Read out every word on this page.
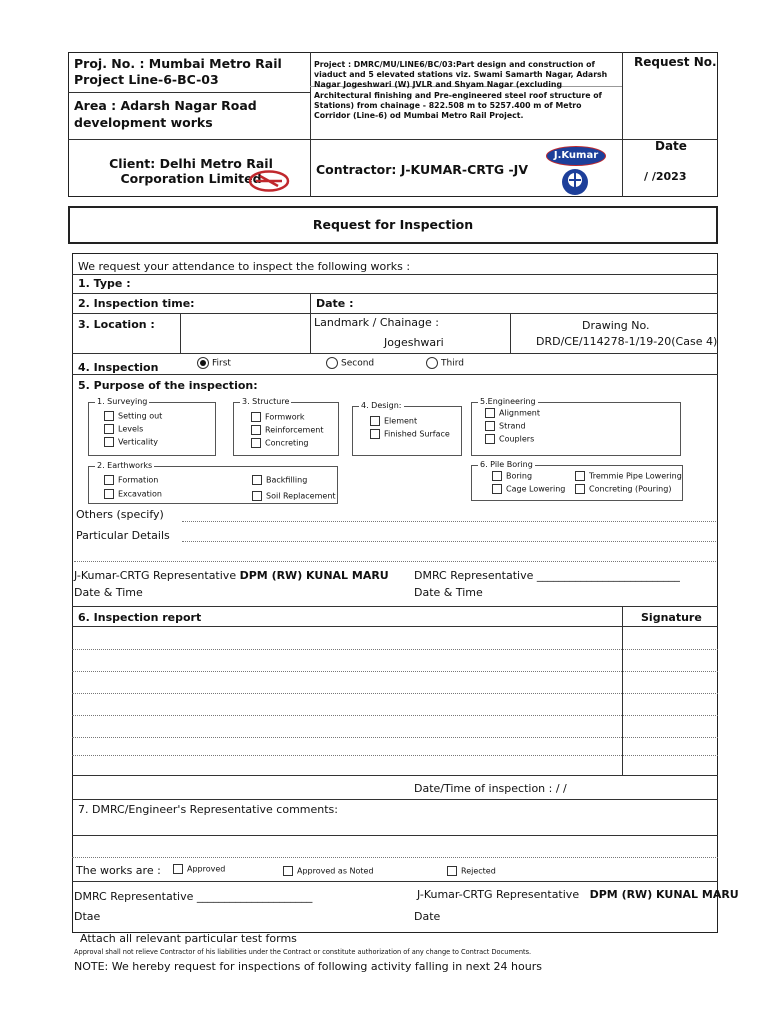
Proj. No. : Mumbai Metro Rail Project Line-6-BC-03
Area : Adarsh Nagar Road development works
Project : DMRC/MU/LINE6/BC/03:Part design and construction of viaduct and 5 elevated stations viz. Swami Samarth Nagar, Adarsh Nagar Jogeshwari (W) JVLR and Shyam Nagar (excluding Architectural finishing and Pre-engineered steel roof structure of Stations) from chainage - 822.508 m to 5257.400 m of Metro Corridor (Line-6) od Mumbai Metro Rail Project.
Request No.
Client: Delhi Metro Rail Corporation Limited
Contractor: J-KUMAR-CRTG -JV
J.Kumar
Date
/ /2023
Request for Inspection
We request your attendance to inspect the following works :
1. Type :
2. Inspection time:	Date :
3. Location :	Landmark / Chainage :
Jogeshwari
Drawing No.
DRD/CE/114278-1/19-20(Case 4)
4. Inspection	First	Second	Third
5. Purpose of the inspection:
1. Surveying
Setting out
Levels
Verticality
3. Structure
Formwork
Reinforcement
Concreting
4. Design:
Element
Finished Surface
5.Engineering
Alignment
Strand
Couplers
2. Earthworks
Formation
Excavation
Backfilling
Soil Replacement
6. Pile Boring
Boring
Cage Lowering
Tremmie Pipe Lowering
Concreting (Pouring)
Others (specify)
Particular Details
J-Kumar-CRTG Representative DPM (RW) KUNAL MARU DMRC Representative __________________________
Date & Time	Date & Time
6. Inspection report	Signature
Date/Time of inspection : / /
7. DMRC/Engineer's Representative comments:
The works are :	Approved	Approved as Noted	Rejected
DMRC Representative _____________________	J-Kumar-CRTG Representative DPM (RW) KUNAL MARU
Dtae	Date
Attach all relevant particular test forms
Approval shall not relieve Contractor of his liabilities under the Contract or constitute authorization of any change to Contract Documents.
NOTE: We hereby request for inspections of following activity falling in next 24 hours
